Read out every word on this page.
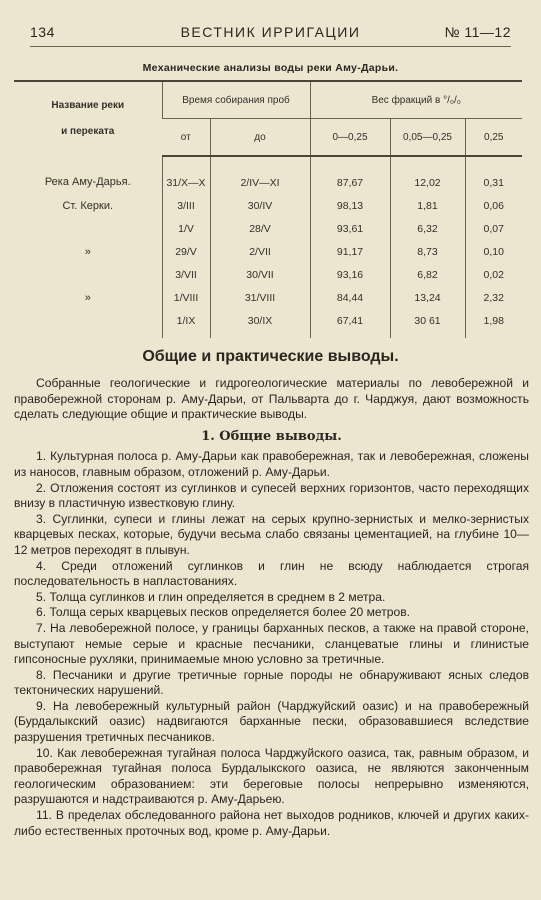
134	ВЕСТНИК ИРРИГАЦИИ	№ 11—12
Механические анализы воды реки Аму-Дарьи.
Название реки
и переката	Время собирания проб		Вес фракций в °/₀/₀		
	от	до	0—0,25	0,05—0,25	0,25
Река Аму-Дарья.	31/X—X	2/IV—XI	87,67	12,02	0,31
Ст. Керки.	3/III	30/IV	98,13	1,81	0,06
	1/V	28/V	93,61	6,32	0,07
»	29/V	2/VII	91,17	8,73	0,10
	3/VII	30/VII	93,16	6,82	0,02
»	1/VIII	31/VIII	84,44	13,24	2,32
	1/IX	30/IX	67,41	30 61	1,98
Общие и практические выводы.

Собранные геологические и гидрогеологические материалы по левобережной и правобережной сторонам р. Аму-Дарьи, от Пальварта до г. Чарджуя, дают возможность сделать следующие общие и практические выводы.

1. Общие выводы.

1. Культурная полоса р. Аму-Дарьи как правобережная, так и левобережная, сложены из наносов, главным образом, отложений р. Аму-Дарьи.

2. Отложения состоят из суглинков и супесей верхних горизонтов, часто переходящих внизу в пластичную известковую глину.

3. Суглинки, супеси и глины лежат на серых крупно-зернистых и мелко-зернистых кварцевых песках, которые, будучи весьма слабо связаны цементацией, на глубине 10—12 метров переходят в плывун.

4. Среди отложений суглинков и глин не всюду наблюдается строгая последовательность в напластованиях.

5. Толща суглинков и глин определяется в среднем в 2 метра.

6. Толща серых кварцевых песков определяется более 20 метров.

7. На левобережной полосе, у границы барханных песков, а также на правой стороне, выступают немые серые и красные песчаники, сланцеватые глины и глинистые гипсоносные рухляки, принимаемые мною условно за третичные.

8. Песчаники и другие третичные горные породы не обнаруживают ясных следов тектонических нарушений.

9. На левобережный культурный район (Чарджуйский оазис) и на правобережный (Бурдалыкский оазис) надвигаются барханные пески, образовавшиеся вследствие разрушения третичных песчаников.

10. Как левобережная тугайная полоса Чарджуйского оазиса, так, равным образом, и правобережная тугайная полоса Бурдалыкского оазиса, не являются законченным геологическим образованием: эти береговые полосы непрерывно изменяются, разрушаются и надстраиваются р. Аму-Дарьею.

11. В пределах обследованного района нет выходов родников, ключей и других каких-либо естественных проточных вод, кроме р. Аму-Дарьи.
